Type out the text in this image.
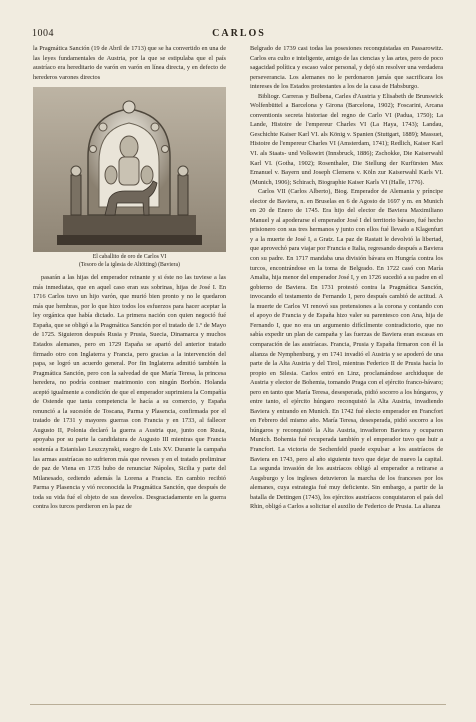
1004	CARLOS

la Pragmática Sanción (19 de Abril de 1713) que se ha convertido en una de las leyes fundamentales de Austria, por la que se estipulaba que el país austríaco era hereditario de varón en varón en línea directa, y en defecto de herederos varones directos

El caballito de oro de Carlos VI
(Tesoro de la iglesia de Altötting) (Baviera)

pasarán a las hijas del emperador reinante y si éste no las tuviese a las más inmediatas, que en aquel caso eran sus sobrinas, hijas de José I. En 1716 Carlos tuvo un hijo varón, que murió bien pronto y no le quedaron más que hembras, por lo que hizo todos los esfuerzos para hacer aceptar la ley orgánica que había dictado. La primera nación con quien negoció fué España, que se obligó a la Pragmática Sanción por el tratado de 1.º de Mayo de 1725. Siguieron después Rusia y Prusia, Suecia, Dinamarca y muchos Estados alemanes, pero en 1729 España se apartó del anterior tratado firmado otro con Inglaterra y Francia, pero gracias a la intervención del papa, se logró un acuerdo general. Por fin Inglaterra admitió también la Pragmática Sanción, pero con la salvedad de que María Teresa, la princesa heredera, no podría contraer matrimonio con ningún Borbón. Holanda aceptó igualmente a condición de que el emperador suprimiera la Compañía de Ostende que tanta competencia le hacía a su comercio, y España renunció a la sucesión de Toscana, Parma y Plasencia, confirmada por el tratado de 1731 y mayores guerras con Francia y en 1733, al fallecer Augusto II, Polonia declaró la guerra a Austria que, junto con Rusia, apoyaba por su parte la candidatura de Augusto III mientras que Francia sostenía a Estanislao Leszczynski, suegro de Luis XV. Durante la campaña las armas austríacas no sufrieron más que reveses y en el tratado preliminar de paz de Viena en 1735 hubo de renunciar Nápoles, Sicilia y parte del Milanesado, cediendo además la Lorena a Francia. En cambio recibió Parma y Plasencia y vió reconocida la Pragmática Sanción, que después de toda su vida fué el objeto de sus desvelos. Desgraciadamente en la guerra contra los turcos perdieron en la paz de

Belgrado de 1739 casi todas las posesiones reconquistadas en Passarowitz. Carlos era culto e inteligente, amigo de las ciencias y las artes, pero de poco sagacidad política y escaso valor personal, y dejó sin resolver una verdadera perseverancia. Los alemanes no le perdonaron jamás que sacrificara los intereses de los Estados protestantes a los de la casa de Habsburgo.

Bibliogr. Carreras y Bulbena, Carles d'Austria y Elisabeth de Brunswick Wolfenbüttel a Barcelona y Girona (Barcelona, 1902); Foscarini, Arcana conventionis secreta historiae del regno de Carlo VI (Padua, 1750); La Lande, Histoire de l'empereur Charles VI (La Haya, 1743); Landau, Geschichte Kaiser Karl VI. als König v. Spanien (Stuttgart, 1889); Massuet, Histoire de l'empereur Charles VI (Amsterdam, 1741); Redlich, Kaiser Karl VI. als Staats- und Volkswirt (Innsbruck, 1886); Zschokke, Die Kaiserwahl Karl VI. (Gotha, 1902); Rosenthaler, Die Stellung der Kurfürsten Max Emanuel v. Bayern und Joseph Clemens v. Köln zur Kaiserwahl Karls VI. (Munich, 1906); Schirach, Biographie Kaiser Karls VI (Halle, 1776).

Carlos VII (Carlos Alberto), Biog. Emperador de Alemania y príncipe elector de Baviera, n. en Bruselas en 6 de Agosto de 1697 y m. en Munich en 20 de Enero de 1745. Era hijo del elector de Baviera Maximiliano Manuel y al apoderarse el emperador José I del territorio bávaro, fué hecho prisionero con sus tres hermanos y junto con ellos fué llevado a Klagenfurt y a la muerte de José I, a Gratz. La paz de Rastatt le devolvió la libertad, que aprovechó para viajar por Francia e Italia, regresando después a Baviera con su padre. En 1717 mandaba una división bávara en Hungría contra los turcos, encontrándose en la toma de Belgrado. En 1722 casó con María Amalia, hija menor del emperador José I, y en 1726 sucedió a su padre en el gobierno de Baviera. En 1731 protestó contra la Pragmática Sanción, invocando el testamento de Fernando I, pero después cambió de actitud. A la muerte de Carlos VI renovó sus pretensiones a la corona y contando con el apoyo de Francia y de España hizo valer su parentesco con Ana, hija de Fernando I, que no era un argumento difícilmente contradictorio, que no sabía expedir un plan de campaña y las fuerzas de Baviera eran escasas en comparación de las austríacas. Francia, Prusia y España firmaron con él la alianza de Nymphenburg, y en 1741 invadió el Austria y se apoderó de una parte de la Alta Austria y del Tirol, mientras Federico II de Prusia hacía lo propio en Silesia. Carlos entró en Linz, proclamándose archiduque de Austria y elector de Bohemia, tomando Praga con el ejército franco-bávaro; pero en tanto que María Teresa, desesperada, pidió socorro a los húngaros, y entre tanto, el ejército húngaro reconquistó la Alta Austria, invadiendo Baviera y entrando en Munich. En 1742 fué electo emperador en Francfort en Febrero del mismo año. María Teresa, desesperada, pidió socorro a los húngaros y reconquistó la Alta Austria, invadieron Baviera y ocuparon Munich. Bohemia fué recuperada también y el emperador tuvo que huir a Francfort. La victoria de Sechenfeld puede expulsar a los austríacos de Baviera en 1743, pero al año siguiente tuvo que dejar de nuevo la capital. La segunda invasión de los austríacos obligó al emperador a retirarse a Augsburgo y los ingleses detuvieron la marcha de los franceses por los alemanes, cuya estrategia fué muy deficiente. Sin embargo, a partir de la batalla de Dettingen (1743), los ejércitos austríacos conquistaron el país del Rhin, obligó a Carlos a solicitar el auxilio de Federico de Prusia. La alianza
